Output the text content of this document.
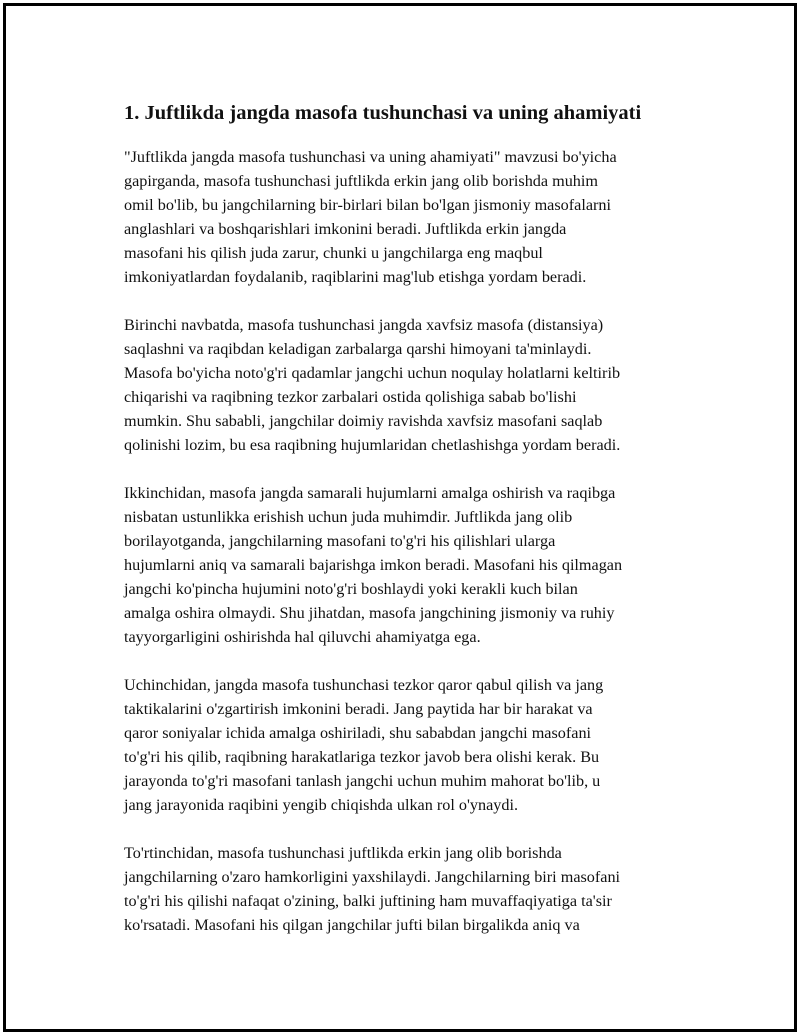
1. Juftlikda jangda masofa tushunchasi va uning ahamiyati

"Juftlikda jangda masofa tushunchasi va uning ahamiyati" mavzusi bo'yicha
gapirganda, masofa tushunchasi juftlikda erkin jang olib borishda muhim
omil bo'lib, bu jangchilarning bir-birlari bilan bo'lgan jismoniy masofalarni
anglashlari va boshqarishlari imkonini beradi. Juftlikda erkin jangda
masofani his qilish juda zarur, chunki u jangchilarga eng maqbul
imkoniyatlardan foydalanib, raqiblarini mag'lub etishga yordam beradi.

Birinchi navbatda, masofa tushunchasi jangda xavfsiz masofa (distansiya)
saqlashni va raqibdan keladigan zarbalarga qarshi himoyani ta'minlaydi.
Masofa bo'yicha noto'g'ri qadamlar jangchi uchun noqulay holatlarni keltirib
chiqarishi va raqibning tezkor zarbalari ostida qolishiga sabab bo'lishi
mumkin. Shu sababli, jangchilar doimiy ravishda xavfsiz masofani saqlab
qolinishi lozim, bu esa raqibning hujumlaridan chetlashishga yordam beradi.

Ikkinchidan, masofa jangda samarali hujumlarni amalga oshirish va raqibga
nisbatan ustunlikka erishish uchun juda muhimdir. Juftlikda jang olib
borilayotganda, jangchilarning masofani to'g'ri his qilishlari ularga
hujumlarni aniq va samarali bajarishga imkon beradi. Masofani his qilmagan
jangchi ko'pincha hujumini noto'g'ri boshlaydi yoki kerakli kuch bilan
amalga oshira olmaydi. Shu jihatdan, masofa jangchining jismoniy va ruhiy
tayyorgarligini oshirishda hal qiluvchi ahamiyatga ega.

Uchinchidan, jangda masofa tushunchasi tezkor qaror qabul qilish va jang
taktikalarini o'zgartirish imkonini beradi. Jang paytida har bir harakat va
qaror soniyalar ichida amalga oshiriladi, shu sababdan jangchi masofani
to'g'ri his qilib, raqibning harakatlariga tezkor javob bera olishi kerak. Bu
jarayonda to'g'ri masofani tanlash jangchi uchun muhim mahorat bo'lib, u
jang jarayonida raqibini yengib chiqishda ulkan rol o'ynaydi.

To'rtinchidan, masofa tushunchasi juftlikda erkin jang olib borishda
jangchilarning o'zaro hamkorligini yaxshilaydi. Jangchilarning biri masofani
to'g'ri his qilishi nafaqat o'zining, balki juftining ham muvaffaqiyatiga ta'sir
ko'rsatadi. Masofani his qilgan jangchilar jufti bilan birgalikda aniq va
